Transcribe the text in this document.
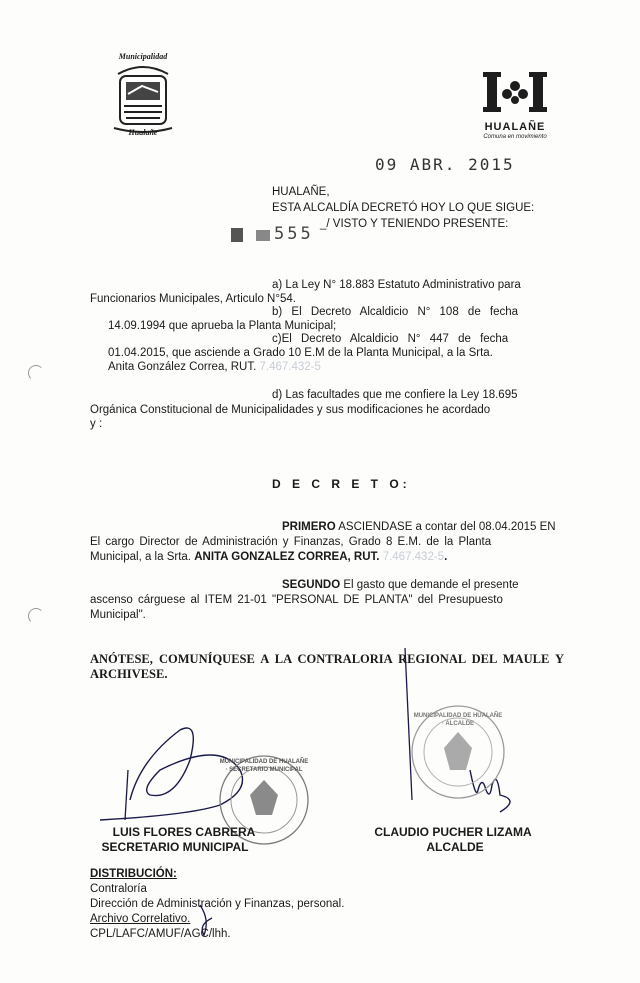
Municipalidad
Hualañe	HUALAÑE
Comuna en movimiento
09 ABR. 2015
HUALAÑE,
ESTA ALCALDÍA DECRETÓ HOY LO QUE SIGUE:
555 _/ VISTO Y TENIENDO PRESENTE:
a) La Ley N° 18.883 Estatuto Administrativo para
Funcionarios Municipales, Articulo N°54.
b) El Decreto Alcaldicio N° 108 de fecha
14.09.1994 que aprueba la Planta Municipal;
c)El Decreto Alcaldicio N° 447 de fecha
01.04.2015, que asciende a Grado 10 E.M de la Planta Municipal, a la Srta.
Anita González Correa, RUT. 7.467.432-5
d) Las facultades que me confiere la Ley 18.695
Orgánica Constitucional de Municipalidades y sus modificaciones he acordado
y :
D E C R E T O:
PRIMERO ASCIENDASE a contar del 08.04.2015 EN
El cargo Director de Administración y Finanzas, Grado 8 E.M. de la Planta
Municipal, a la Srta. ANITA GONZALEZ CORREA, RUT. 7.467.432-5.
SEGUNDO El gasto que demande el presente
ascenso cárguese al ITEM 21-01 "PERSONAL DE PLANTA" del Presupuesto
Municipal".
ANÓTESE, COMUNÍQUESE A LA CONTRALORIA REGIONAL DEL MAULE Y
ARCHIVESE.
LUIS FLORES CABRERA
SECRETARIO MUNICIPAL
CLAUDIO PUCHER LIZAMA
ALCALDE
MUNICIPALIDAD DE HUALAÑE · SECRETARIO MUNICIPAL
MUNICIPALIDAD DE HUALAÑE · ALCALDE
DISTRIBUCIÓN:
Contraloría
Dirección de Administración y Finanzas, personal.
Archivo Correlativo.
CPL/LAFC/AMUF/AGC/lhh.
